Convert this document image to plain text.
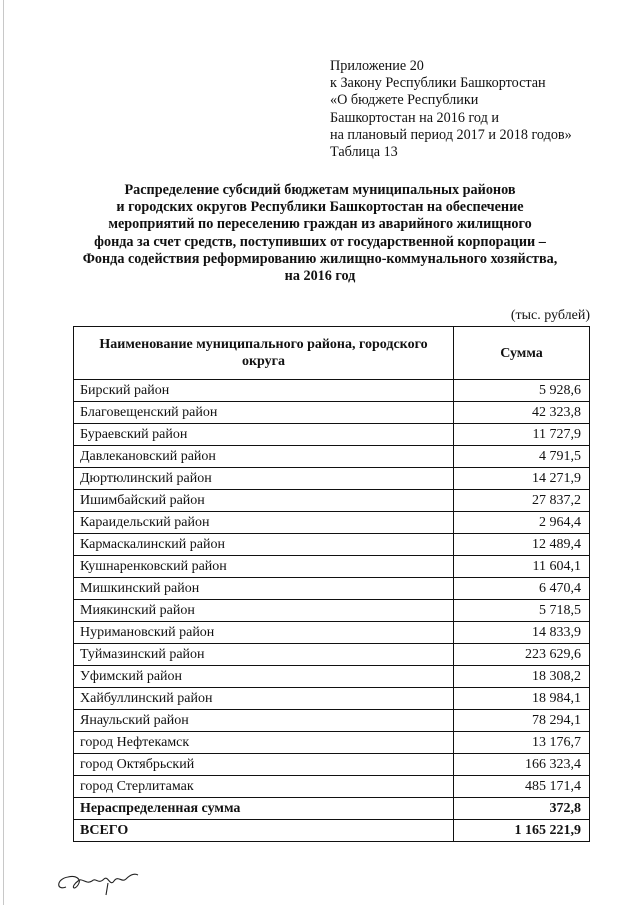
Приложение 20
к Закону Республики Башкортостан
«О бюджете Республики
Башкортостан на 2016 год и
на плановый период 2017 и 2018 годов»
Таблица 13
Распределение субсидий бюджетам муниципальных районов
и городских округов Республики Башкортостан на обеспечение
мероприятий по переселению граждан из аварийного жилищного
фонда за счет средств, поступивших от государственной корпорации –
Фонда содействия реформированию жилищно-коммунального хозяйства,
на 2016 год
(тыс. рублей)
Наименование муниципального района, городского округа	Сумма
Бирский район	5 928,6
Благовещенский район	42 323,8
Бураевский район	11 727,9
Давлекановский район	4 791,5
Дюртюлинский район	14 271,9
Ишимбайский район	27 837,2
Караидельский район	2 964,4
Кармаскалинский район	12 489,4
Кушнаренковский район	11 604,1
Мишкинский район	6 470,4
Миякинский район	5 718,5
Нуримановский район	14 833,9
Туймазинский район	223 629,6
Уфимский район	18 308,2
Хайбуллинский район	18 984,1
Янаульский район	78 294,1
город Нефтекамск	13 176,7
город Октябрьский	166 323,4
город Стерлитамак	485 171,4
Нераспределенная сумма	372,8
ВСЕГО	1 165 221,9
